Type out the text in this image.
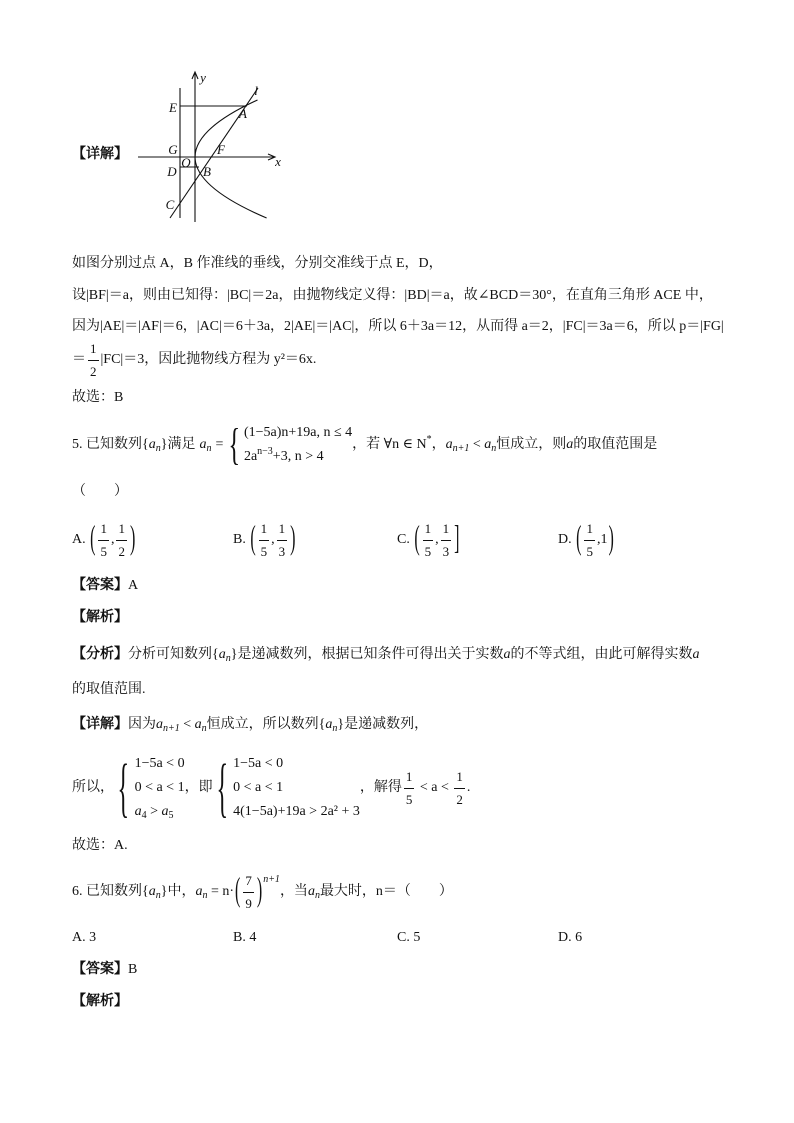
【详解】
y
l
E	A
G	F
O
D B
C
x
如图分别过点 A，B 作准线的垂线，分别交准线于点 E，D，
设|BF|＝a，则由已知得：|BC|＝2a，由抛物线定义得：|BD|＝a，故∠BCD＝30°，在直角三角形 ACE 中，
因为|AE|＝|AF|＝6，|AC|＝6＋3a，2|AE|＝|AC|，所以 6＋3a＝12，从而得 a＝2，|FC|＝3a＝6，所以 p＝|FG|
＝ $\frac{1}{2} |FC|=3$，因此抛物线方程为 y²＝6x.
故选：B
5. 已知数列 $\{a_n\}$ 满足 $a_n$ = { (1−5a)n+19a, n ≤ 4
$2a^{n-3}+3$, n > 4
，若 ∀n ∈ N*， $a_{n+1} < a_n$ 恒成立，则 a 的取值范围是
（　　）
A. ( $\frac{1}{5}$ , $\frac{1}{2}$ )	B. ( $\frac{1}{5}$ , $\frac{1}{3}$ )	C. ( $\frac{1}{5}$ , $\frac{1}{3}$ ]	D. ( $\frac{1}{5}$ , 1 )
【答案】A
【解析】
【分析】 分析可知数列 $\{a_n\}$ 是递减数列，根据已知条件可得出关于实数 a 的不等式组，由此可解得实数 a
的取值范围.
【详解】 因为 $a_{n+1} < a_n$ 恒成立，所以数列 $\{a_n\}$ 是递减数列，
所以， { 1−5a < 0
0 < a < 1
$a_4 > a_5$
，即 { 1−5a < 0
0 < a < 1
4(1−5a)+19a > 2a² + 3
，解得 $\frac{1}{5} < a < \frac{1}{2}$ .
故选：A.
6. 已知数列 $\{a_n\}$ 中， $a_n = n\cdot$ ( $\frac{7}{9}$ ) n+1
，当 $a_n$ 最大时，n＝（　　）
A. 3	B. 4	C. 5	D. 6
【答案】B
【解析】
